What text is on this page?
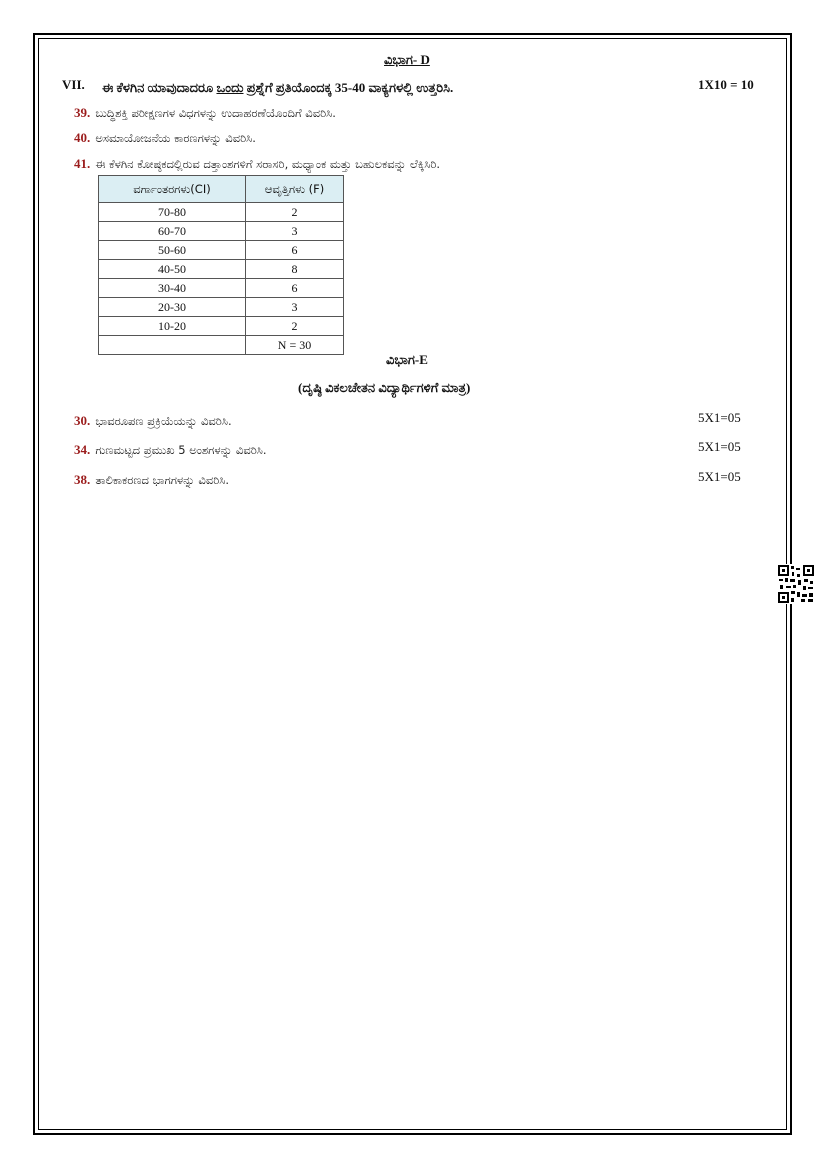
ವಿಭಾಗ- D
VII. ಈ ಕೆಳಗಿನ ಯಾವುದಾದರೂ ಒಂದು ಪ್ರಶ್ನೆಗೆ ಪ್ರತಿಯೊಂದಕ್ಕ 35-40 ವಾಕ್ಯಗಳಲ್ಲಿ ಉತ್ತರಿಸಿ.	1X10 = 10
39. ಬುದ್ಧಿಶಕ್ತಿ ಪರೀಕ್ಷಣಗಳ ವಿಧಗಳನ್ನು ಉದಾಹರಣೆಯೊಂದಿಗೆ ವಿವರಿಸಿ.
40. ಅಸಮಾಯೋಜನೆಯ ಕಾರಣಗಳನ್ನು ವಿವರಿಸಿ.
41. ಈ ಕೆಳಗಿನ ಕೋಷ್ಠಕದಲ್ಲಿರುವ ದತ್ತಾಂಶಗಳಿಗೆ ಸರಾಸರಿ, ಮಧ್ಯಾಂಕ ಮತ್ತು ಬಹುಲಕವನ್ನು ಲೆಕ್ಕಿಸಿರಿ.
ವರ್ಗಾಂತರಗಳು(CI)	ಆವೃತ್ತಿಗಳು (F)
70-80	2
60-70	3
50-60	6
40-50	8
30-40	6
20-30	3
10-20	2
	N = 30
ವಿಭಾಗ-E
(ದೃಷ್ಠಿ ವಿಕಲಚೇತನ ವಿದ್ಯಾರ್ಥಿಗಳಿಗೆ ಮಾತ್ರ)
30. ಭಾವರೂಪಣ ಪ್ರಕ್ರಿಯೆಯನ್ನು ವಿವರಿಸಿ.	5X1=05
34. ಗುಣಮಟ್ಟದ ಪ್ರಮುಖ 5 ಅಂಶಗಳನ್ನು ವಿವರಿಸಿ.	5X1=05
38. ತಾಲಿಕಾಕರಣದ ಭಾಗಗಳನ್ನು ವಿವರಿಸಿ.	5X1=05
